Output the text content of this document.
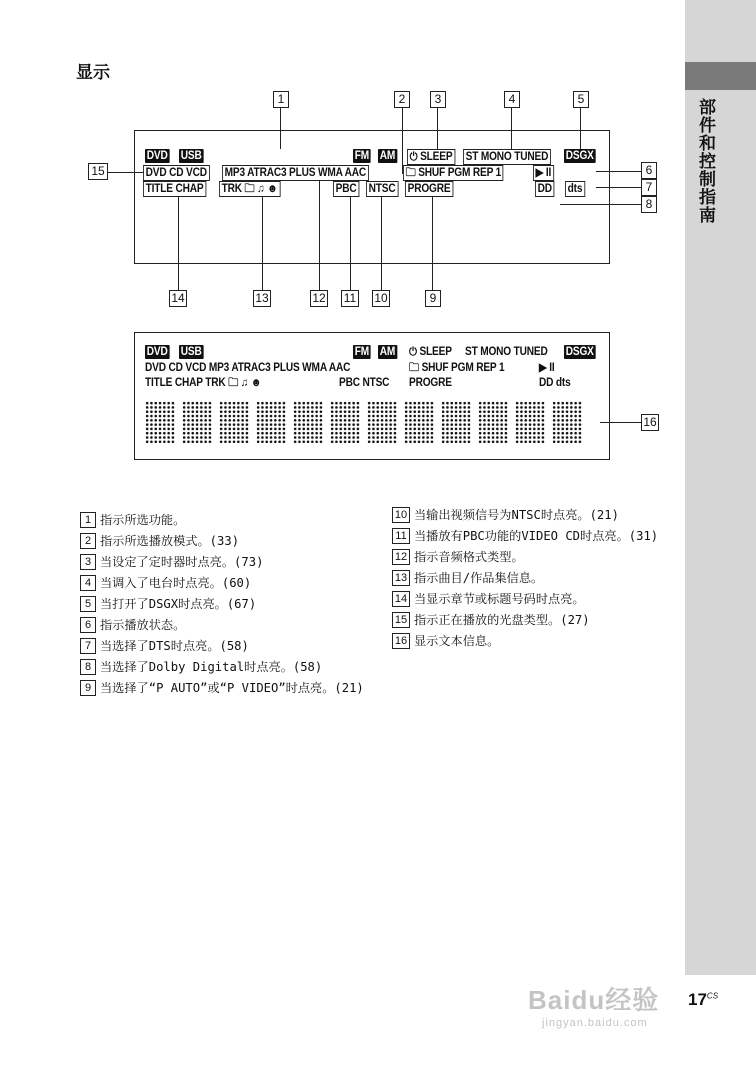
部件和控制指南
显示
DVD USB	FM AM ⏻ SLEEP ST MONO TUNED DSGX
DVD CD VCD MP3 ATRAC3 PLUS WMA AAC	🗀 SHUF PGM REP 1	▶ II
TITLE CHAP TRK 🗀 ♫ ☻	PBC NTSC PROGRE	DD dts
DVD USB	FM AM ⏻ SLEEP ST MONO TUNED DSGX
DVD CD VCD MP3 ATRAC3 PLUS WMA AAC	🗀 SHUF PGM REP 1	▶ II
TITLE CHAP TRK 🗀 ♫ ☻	PBC NTSC PROGRE	DD dts
1	2	3	4	5
6
7
8
9
10
11
12
13
14
15
16
1 指示所选功能。
2 指示所选播放模式。(33)
3 当设定了定时器时点亮。(73)
4 当调入了电台时点亮。(60)
5 当打开了DSGX时点亮。(67)
6 指示播放状态。
7 当选择了DTS时点亮。(58)
8 当选择了Dolby Digital时点亮。(58)
9 当选择了“P AUTO”或“P VIDEO”时点亮。(21)
10 当输出视频信号为NTSC时点亮。(21)
11 当播放有PBC功能的VIDEO CD时点亮。(31)
12 指示音频格式类型。
13 指示曲目/作品集信息。
14 当显示章节或标题号码时点亮。
15 指示正在播放的光盘类型。(27)
16 显示文本信息。
Baidu经验
jingyan.baidu.com
$17^{CS}$
